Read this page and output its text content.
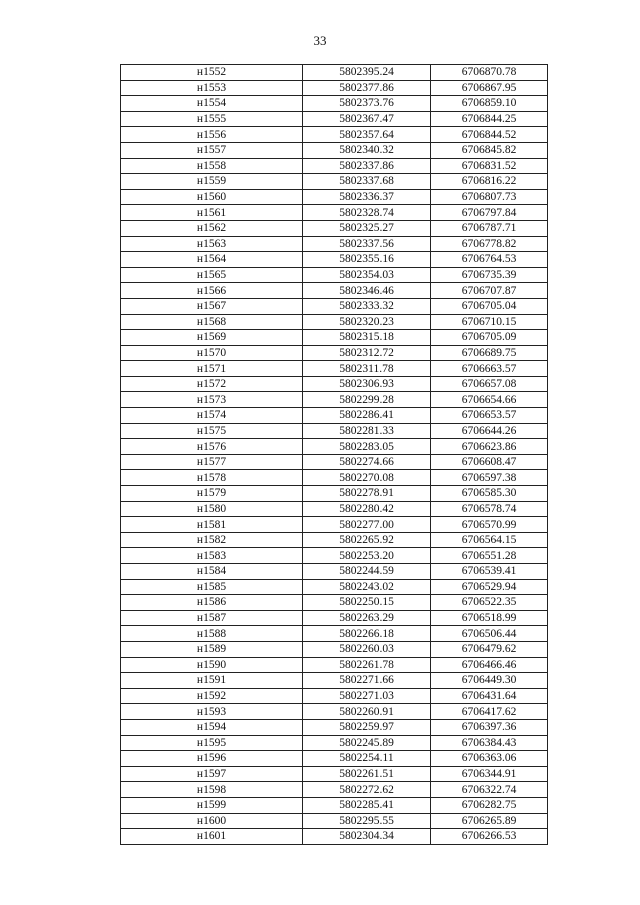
33
н1552	5802395.24	6706870.78
н1553	5802377.86	6706867.95
н1554	5802373.76	6706859.10
н1555	5802367.47	6706844.25
н1556	5802357.64	6706844.52
н1557	5802340.32	6706845.82
н1558	5802337.86	6706831.52
н1559	5802337.68	6706816.22
н1560	5802336.37	6706807.73
н1561	5802328.74	6706797.84
н1562	5802325.27	6706787.71
н1563	5802337.56	6706778.82
н1564	5802355.16	6706764.53
н1565	5802354.03	6706735.39
н1566	5802346.46	6706707.87
н1567	5802333.32	6706705.04
н1568	5802320.23	6706710.15
н1569	5802315.18	6706705.09
н1570	5802312.72	6706689.75
н1571	5802311.78	6706663.57
н1572	5802306.93	6706657.08
н1573	5802299.28	6706654.66
н1574	5802286.41	6706653.57
н1575	5802281.33	6706644.26
н1576	5802283.05	6706623.86
н1577	5802274.66	6706608.47
н1578	5802270.08	6706597.38
н1579	5802278.91	6706585.30
н1580	5802280.42	6706578.74
н1581	5802277.00	6706570.99
н1582	5802265.92	6706564.15
н1583	5802253.20	6706551.28
н1584	5802244.59	6706539.41
н1585	5802243.02	6706529.94
н1586	5802250.15	6706522.35
н1587	5802263.29	6706518.99
н1588	5802266.18	6706506.44
н1589	5802260.03	6706479.62
н1590	5802261.78	6706466.46
н1591	5802271.66	6706449.30
н1592	5802271.03	6706431.64
н1593	5802260.91	6706417.62
н1594	5802259.97	6706397.36
н1595	5802245.89	6706384.43
н1596	5802254.11	6706363.06
н1597	5802261.51	6706344.91
н1598	5802272.62	6706322.74
н1599	5802285.41	6706282.75
н1600	5802295.55	6706265.89
н1601	5802304.34	6706266.53
